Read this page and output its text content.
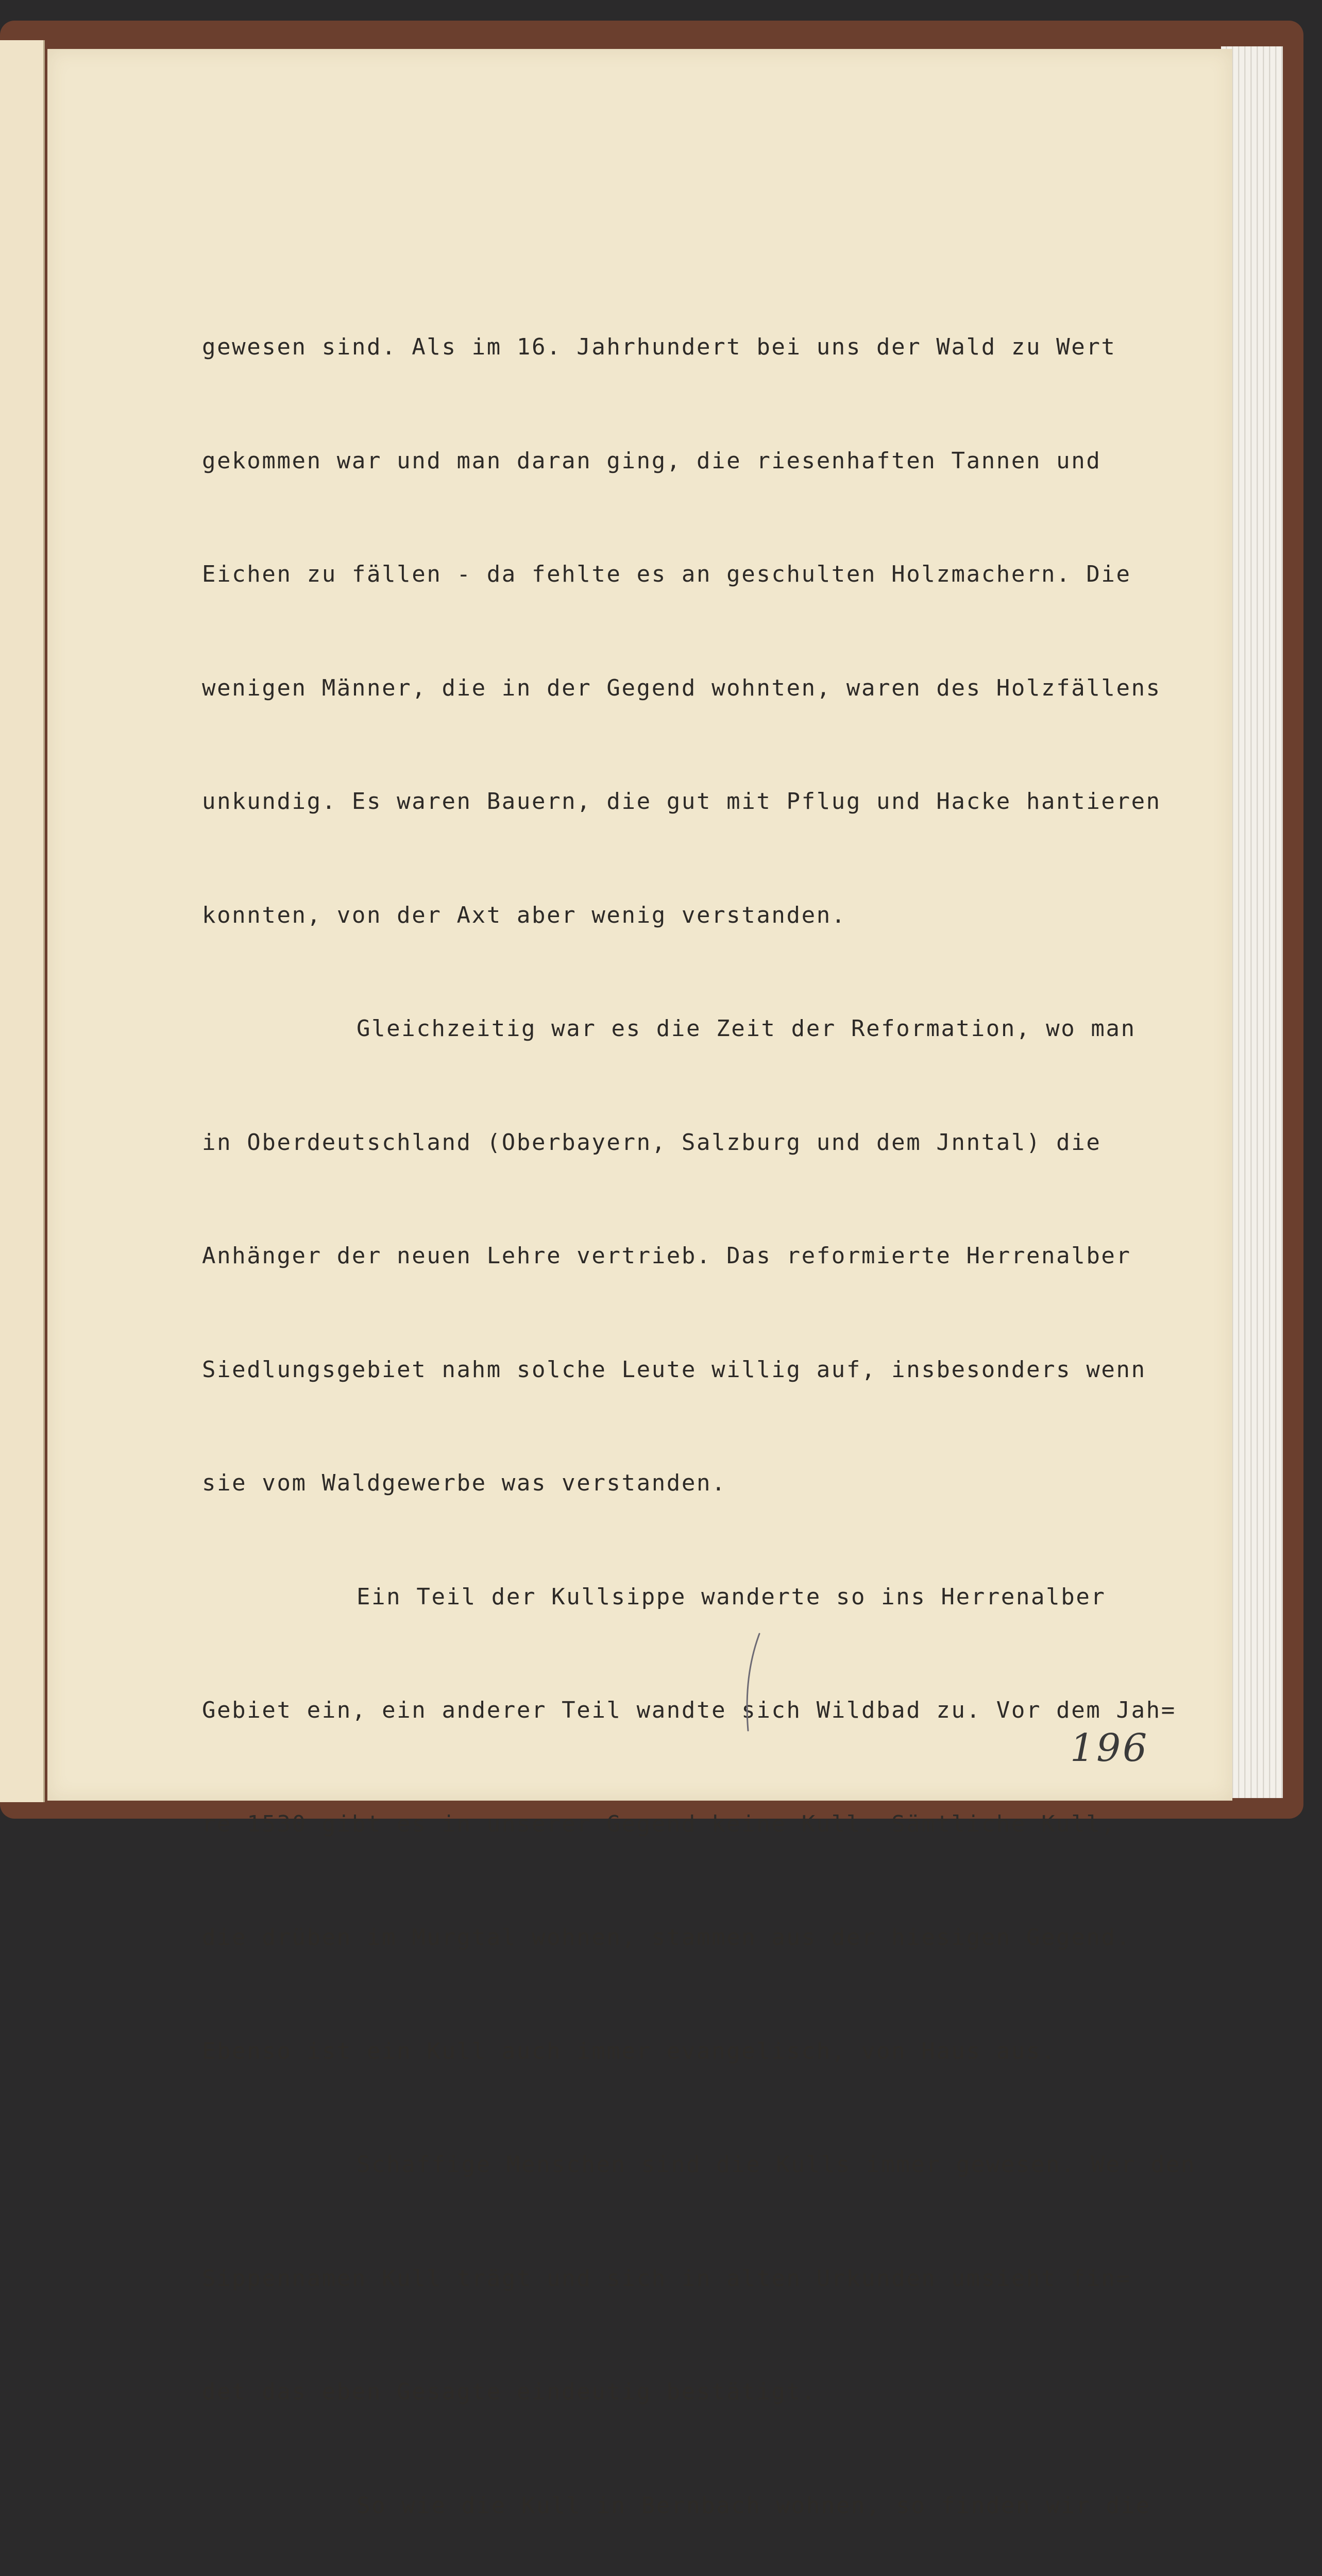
gewesen sind. Als im 16. Jahrhundert bei uns der Wald zu Wert

gekommen war und man daran ging, die riesenhaften Tannen und

Eichen zu fällen - da fehlte es an geschulten Holzmachern. Die

wenigen Männer, die in der Gegend wohnten, waren des Holzfällens

unkundig. Es waren Bauern, die gut mit Pflug und Hacke hantieren

konnten, von der Axt aber wenig verstanden.

Gleichzeitig war es die Zeit der Reformation, wo man

in Oberdeutschland (Oberbayern, Salzburg und dem Jnntal) die

Anhänger der neuen Lehre vertrieb. Das reformierte Herrenalber

Siedlungsgebiet nahm solche Leute willig auf, insbesonders wenn

sie vom Waldgewerbe was verstanden.

Ein Teil der Kullsippe wanderte so ins Herrenalber

Gebiet ein, ein anderer Teil wandte sich Wildbad zu. Vor dem Jah=

re 1530 gibt es in unserer Gegend keine Kull. Sämtliche Kull,

die drüben im Murgtal wohnen, stammen aus der hiesigen Gegend.

Ebenso ist ein Kull auch immer evangelisch, von Haus aus.

Schaffige Menschen sind die Kulls immer gewesen. Wer den

Sippennamen Kull trägt und sich in alten Urkunden umsieht fin=

det das eben Gesagte eindeutig bestätigt.

So wie die Kull in Bernbach wohnen, so finden wir die

196
